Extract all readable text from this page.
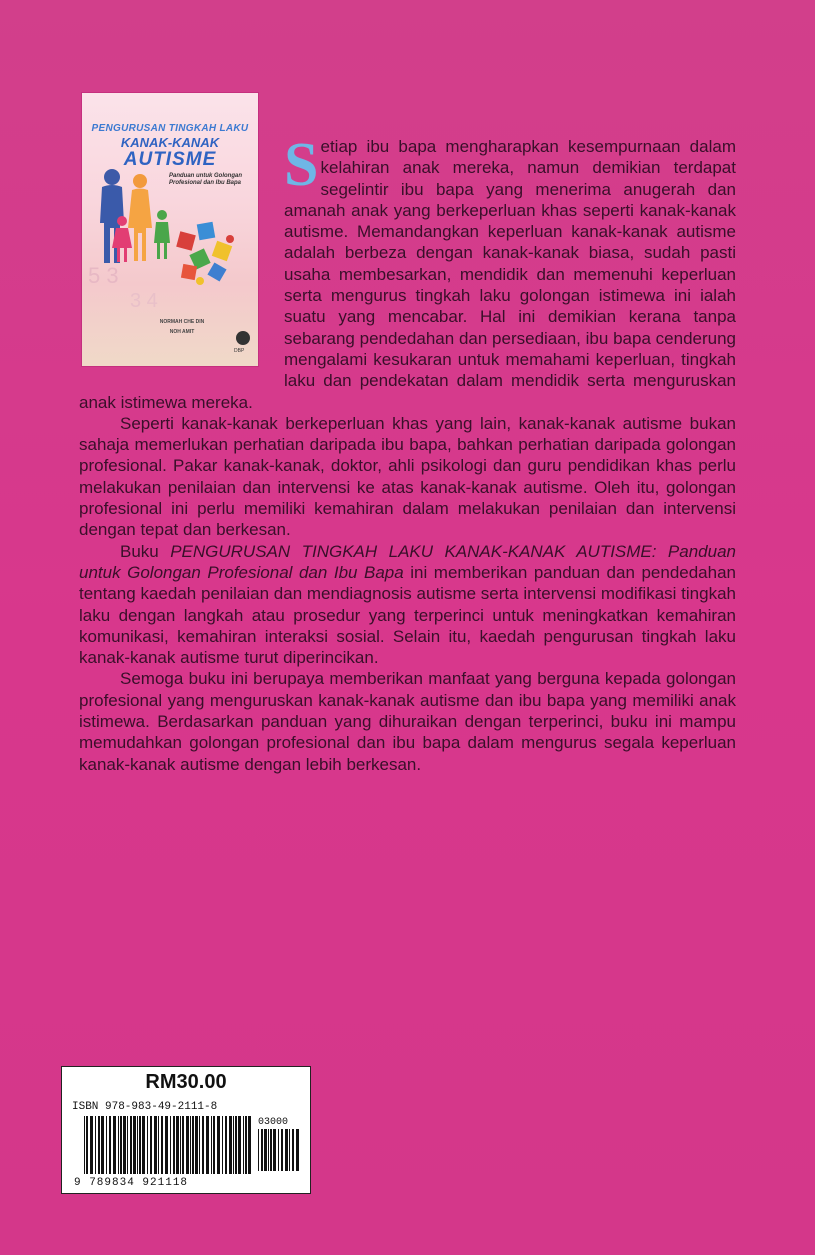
5 3
3 4
PENGURUSAN TINGKAH LAKU
KANAK-KANAK
AUTISME
Panduan untuk Golongan Profesional dan Ibu Bapa
NORMAH CHE DIN
NOH AMIT
DBP

Setiap ibu bapa mengharapkan kesempurnaan dalam kelahiran anak mereka, namun demikian terdapat segelintir ibu bapa yang menerima anugerah dan amanah anak yang berkeperluan khas seperti kanak-kanak autisme. Memandangkan keperluan kanak-kanak autisme adalah berbeza dengan kanak-kanak biasa, sudah pasti usaha membesarkan, mendidik dan memenuhi keperluan serta mengurus tingkah laku golongan istimewa ini ialah suatu yang mencabar. Hal ini demikian kerana tanpa sebarang pendedahan dan persediaan, ibu bapa cenderung mengalami kesukaran untuk memahami keperluan, tingkah laku dan pendekatan dalam mendidik serta menguruskan anak istimewa mereka.

Seperti kanak-kanak berkeperluan khas yang lain, kanak-kanak autisme bukan sahaja memerlukan perhatian daripada ibu bapa, bahkan perhatian daripada golongan profesional. Pakar kanak-kanak, doktor, ahli psikologi dan guru pendidikan khas perlu melakukan penilaian dan intervensi ke atas kanak-kanak autisme. Oleh itu, golongan profesional ini perlu memiliki kemahiran dalam melakukan penilaian dan intervensi dengan tepat dan berkesan.

Buku PENGURUSAN TINGKAH LAKU KANAK-KANAK AUTISME: Panduan untuk Golongan Profesional dan Ibu Bapa ini memberikan panduan dan pendedahan tentang kaedah penilaian dan mendiagnosis autisme serta intervensi modifikasi tingkah laku dengan langkah atau prosedur yang terperinci untuk meningkatkan kemahiran komunikasi, kemahiran interaksi sosial. Selain itu, kaedah pengurusan tingkah laku kanak-kanak autisme turut diperincikan.

Semoga buku ini berupaya memberikan manfaat yang berguna kepada golongan profesional yang menguruskan kanak-kanak autisme dan ibu bapa yang memiliki anak istimewa. Berdasarkan panduan yang dihuraikan dengan terperinci, buku ini mampu memudahkan golongan profesional dan ibu bapa dalam mengurus segala keperluan kanak-kanak autisme dengan lebih berkesan.

RM30.00
ISBN 978-983-49-2111-8
03000
9 789834 921118
